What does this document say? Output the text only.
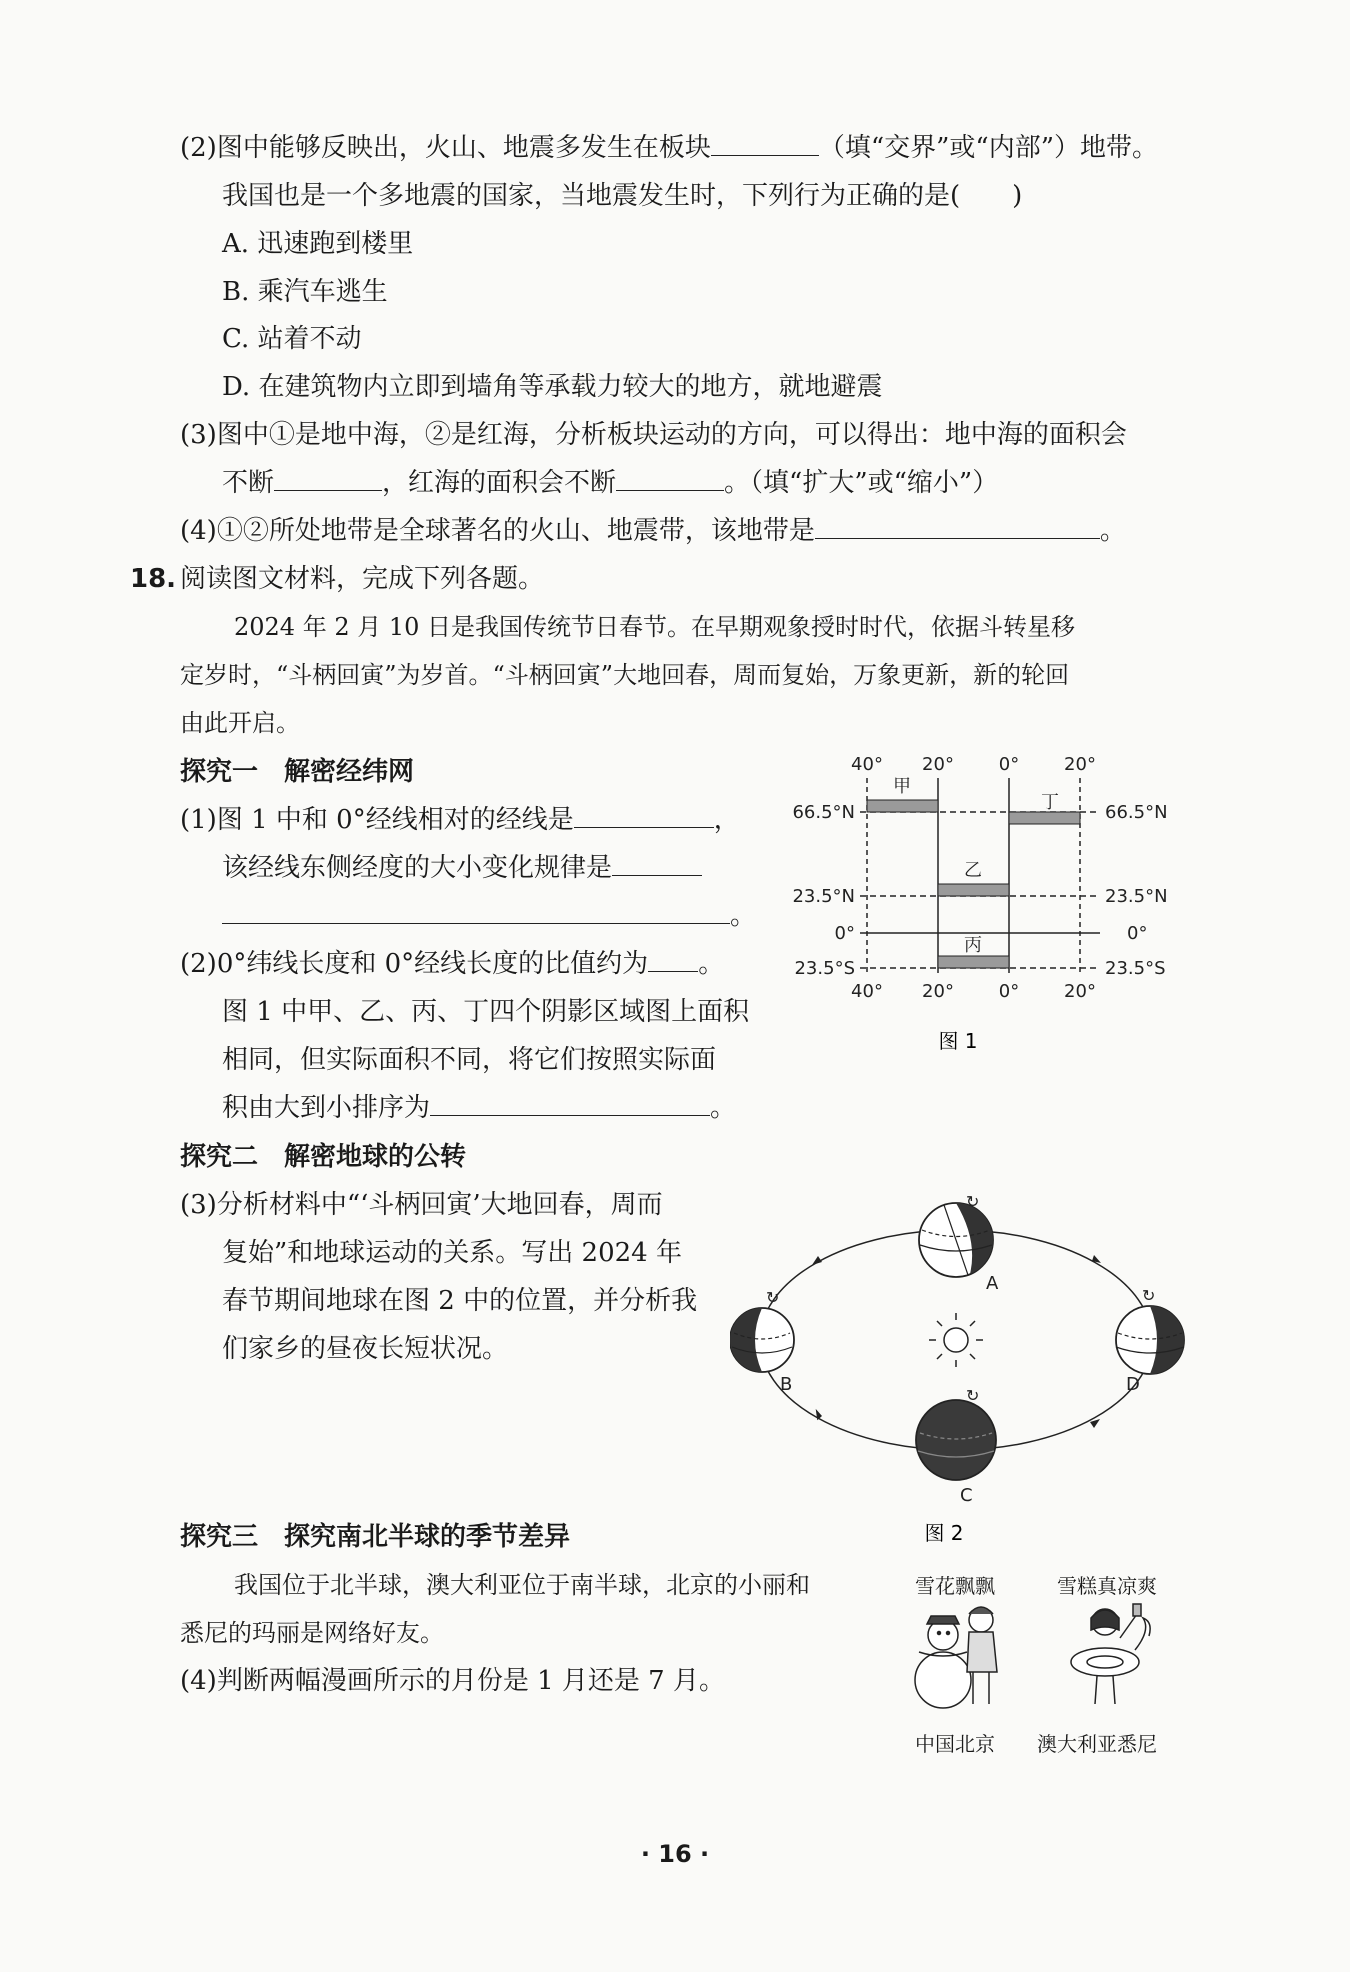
(2)图中能够反映出，火山、地震多发生在板块	（填“交界”或“内部”）地带。
我国也是一个多地震的国家，当地震发生时，下列行为正确的是(　　)
A. 迅速跑到楼里
B. 乘汽车逃生
C. 站着不动
D. 在建筑物内立即到墙角等承载力较大的地方，就地避震
(3)图中①是地中海，②是红海，分析板块运动的方向，可以得出：地中海的面积会
不断	，红海的面积会不断	。（填“扩大”或“缩小”）
(4)①②所处地带是全球著名的火山、地震带，该地带是	。
18. 阅读图文材料，完成下列各题。
2024 年 2 月 10 日是我国传统节日春节。在早期观象授时时代，依据斗转星移
定岁时，“斗柄回寅”为岁首。“斗柄回寅”大地回春，周而复始，万象更新，新的轮回
由此开启。
探究一　解密经纬网
(1)图 1 中和 0°经线相对的经线是	，
该经线东侧经度的大小变化规律是
。
(2)0°纬线长度和 0°经线长度的比值约为 。
图 1 中甲、乙、丙、丁四个阴影区域图上面积
相同，但实际面积不同，将它们按照实际面
积由大到小排序为	。
探究二　解密地球的公转
(3)分析材料中“‘斗柄回寅’大地回春，周而
复始”和地球运动的关系。写出 2024 年
春节期间地球在图 2 中的位置，并分析我
们家乡的昼夜长短状况。
探究三　探究南北半球的季节差异
我国位于北半球，澳大利亚位于南半球，北京的小丽和
悉尼的玛丽是网络好友。
(4)判断两幅漫画所示的月份是 1 月还是 7 月。
甲
乙
丙
丁
40° 20° 0° 20°
40° 20° 0° 20°
66.5°N
23.5°N
0°
23.5°S
66.5°N
23.5°N
0°
23.5°S
图 1
↻
↻
↻
↻
A
B
C
D
图 2
雪花飘飘	雪糕真凉爽
中国北京 澳大利亚悉尼
· 16 ·
